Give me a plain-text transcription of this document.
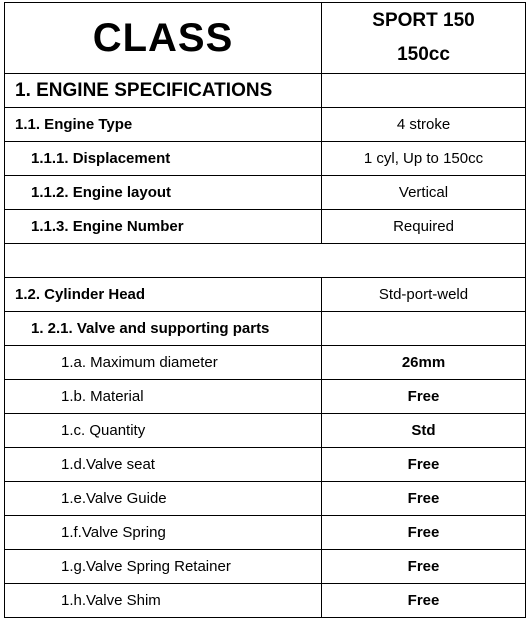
CLASS	SPORT 150
150cc

1. ENGINE SPECIFICATIONS	
1.1. Engine Type	4 stroke
1.1.1. Displacement	1 cyl, Up to 150cc
1.1.2. Engine layout	Vertical
1.1.3. Engine Number	Required

1.2. Cylinder Head	Std-port-weld
1. 2.1. Valve and supporting parts	
1.a. Maximum diameter	26mm
1.b. Material	Free
1.c. Quantity	Std
1.d.Valve seat	Free
1.e.Valve Guide	Free
1.f.Valve Spring	Free
1.g.Valve Spring Retainer	Free
1.h.Valve Shim	Free
